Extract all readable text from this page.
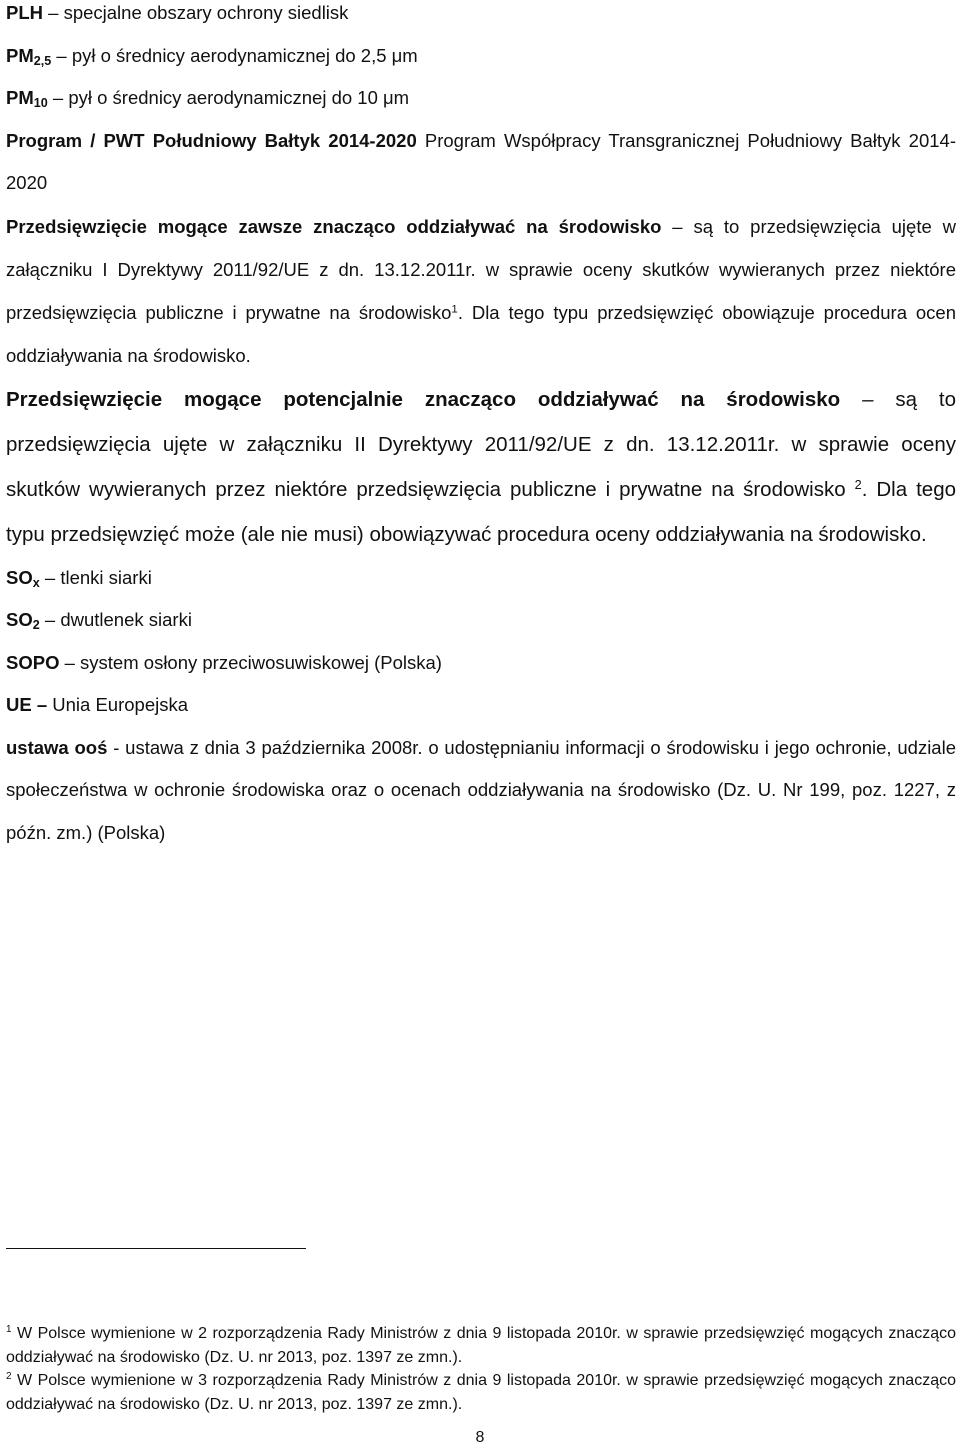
PLH – specjalne obszary ochrony siedlisk

$PM_{2,5}$ – pył o średnicy aerodynamicznej do 2,5 μm

$PM_{10}$ – pył o średnicy aerodynamicznej do 10 μm

Program / PWT Południowy Bałtyk 2014-2020 Program Współpracy Transgranicznej Południowy Bałtyk 2014-2020

Przedsięwzięcie mogące zawsze znacząco oddziaływać na środowisko – są to przedsięwzięcia ujęte w załączniku I Dyrektywy 2011/92/UE z dn. 13.12.2011r. w sprawie oceny skutków wywieranych przez niektóre przedsięwzięcia publiczne i prywatne na środowisko$^1$. Dla tego typu przedsięwzięć obowiązuje procedura ocen oddziaływania na środowisko.

Przedsięwzięcie mogące potencjalnie znacząco oddziaływać na środowisko – są to przedsięwzięcia ujęte w załączniku II Dyrektywy 2011/92/UE z dn. 13.12.2011r. w sprawie oceny skutków wywieranych przez niektóre przedsięwzięcia publiczne i prywatne na środowisko $^2$. Dla tego typu przedsięwzięć może (ale nie musi) obowiązywać procedura oceny oddziaływania na środowisko.

$SO_x$ – tlenki siarki

$SO_2$ – dwutlenek siarki

SOPO – system osłony przeciwosuwiskowej (Polska)

UE – Unia Europejska

ustawa ooś - ustawa z dnia 3 października 2008r. o udostępnianiu informacji o środowisku i jego ochronie, udziale społeczeństwa w ochronie środowiska oraz o ocenach oddziaływania na środowisko (Dz. U. Nr 199, poz. 1227, z późn. zm.) (Polska)

$^1$ W Polsce wymienione w 2 rozporządzenia Rady Ministrów z dnia 9 listopada 2010r. w sprawie przedsięwzięć mogących znacząco oddziaływać na środowisko (Dz. U. nr 2013, poz. 1397 ze zmn.).

$^2$ W Polsce wymienione w 3 rozporządzenia Rady Ministrów z dnia 9 listopada 2010r. w sprawie przedsięwzięć mogących znacząco oddziaływać na środowisko (Dz. U. nr 2013, poz. 1397 ze zmn.).

8
